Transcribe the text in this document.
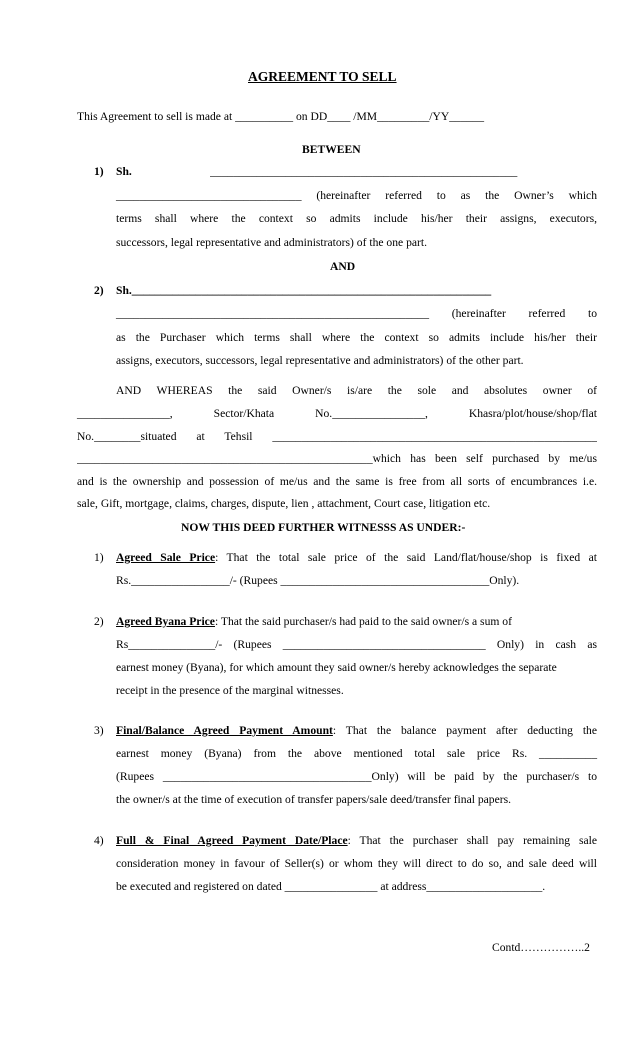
AGREEMENT TO SELL
This Agreement to sell is made at __________ on DD____ /MM_________/YY______
BETWEEN
1) Sh.	_____________________________________________________
________________________________ (hereinafter referred to as the Owner’s which
terms shall where the context so admits include his/her their assigns, executors,
successors, legal representative and administrators) of the one part.
AND
2) Sh.______________________________________________________________
______________________________________________________ (hereinafter referred to
as the Purchaser which terms shall where the context so admits include his/her their
assigns, executors, successors, legal representative and administrators) of the other part.
AND WHEREAS the said Owner/s is/are the sole and absolutes owner of
________________, Sector/Khata No.________________, Khasra/plot/house/shop/flat
No.________situated at Tehsil ________________________________________________________
___________________________________________________which has been self purchased by me/us
and is the ownership and possession of me/us and the same is free from all sorts of encumbrances i.e.
sale, Gift, mortgage, claims, charges, dispute, lien , attachment, Court case, litigation etc.
NOW THIS DEED FURTHER WITNESSS AS UNDER:-
1) Agreed Sale Price: That the total sale price of the said Land/flat/house/shop is fixed at
Rs._________________/- (Rupees ____________________________________Only).
2) Agreed Byana Price: That the said purchaser/s had paid to the said owner/s a sum of
Rs_______________/- (Rupees ___________________________________ Only) in cash as
earnest money (Byana), for which amount they said owner/s hereby acknowledges the separate
receipt in the presence of the marginal witnesses.
3) Final/Balance Agreed Payment Amount: That the balance payment after deducting the
earnest money (Byana) from the above mentioned total sale price Rs. __________
(Rupees ____________________________________Only) will be paid by the purchaser/s to
the owner/s at the time of execution of transfer papers/sale deed/transfer final papers.
4) Full & Final Agreed Payment Date/Place: That the purchaser shall pay remaining sale
consideration money in favour of Seller(s) or whom they will direct to do so, and sale deed will
be executed and registered on dated ________________ at address____________________.
Contd……………..2
